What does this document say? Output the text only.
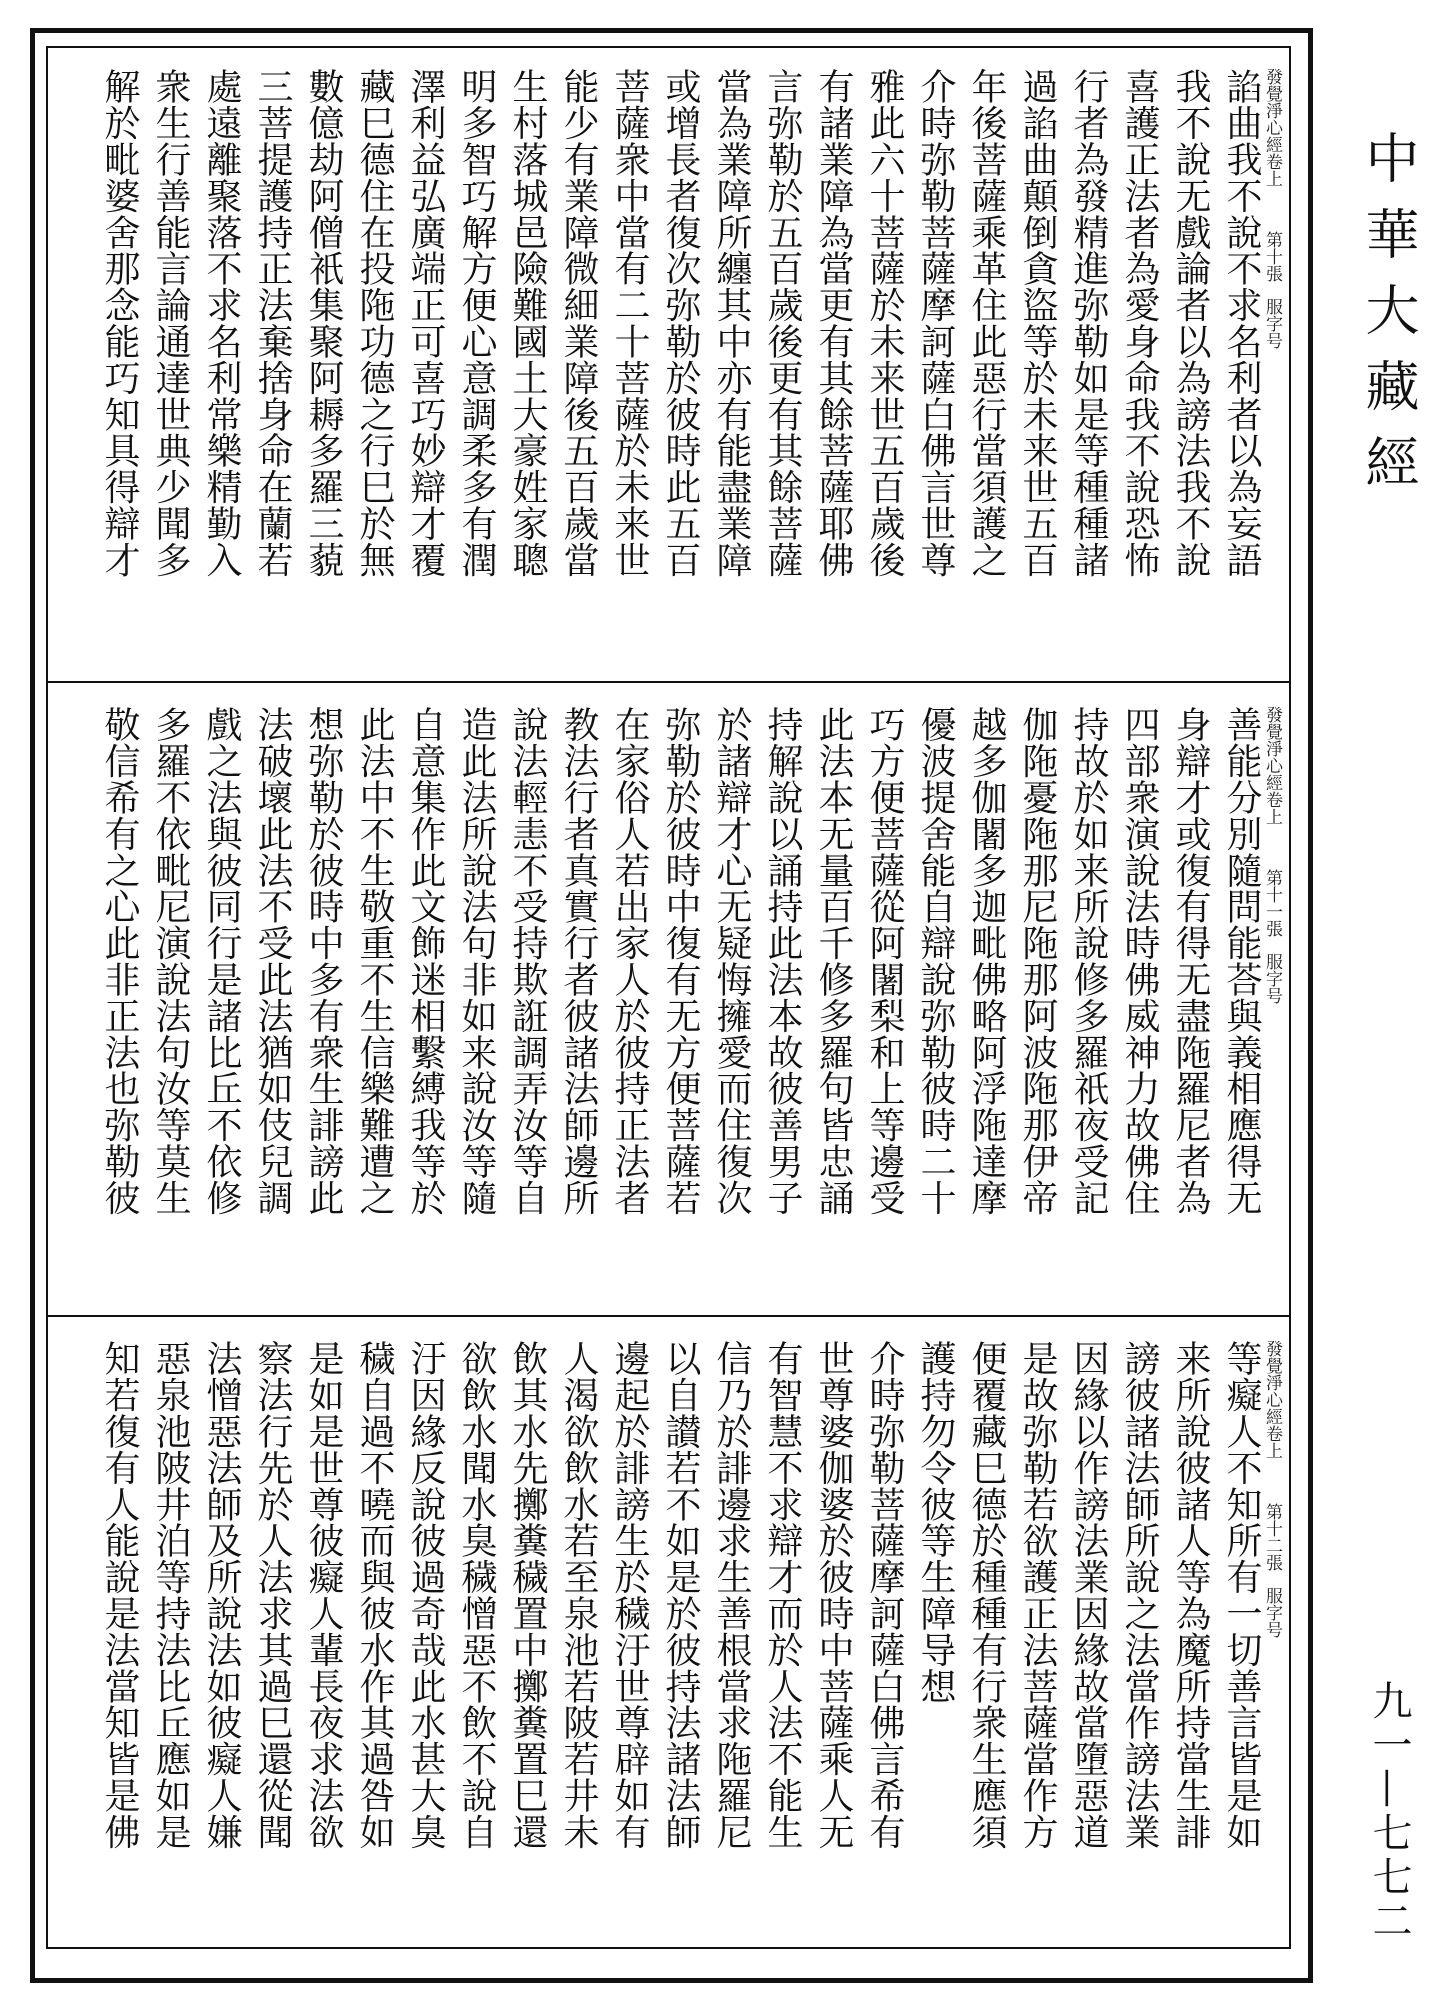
中華大藏經
九一—七七二
發覺淨心經卷上第十張服字号
諂曲我不說不求名利者以為妄語
我不說无戲論者以為謗法我不說
喜護正法者為愛身命我不說恐怖
行者為發精進弥勒如是等種種諸
過諂曲顛倒貪盜等於未来世五百
年後菩薩乘革住此惡行當須護之
介時弥勒菩薩摩訶薩白佛言世尊
雅此六十菩薩於未来世五百歲後
有諸業障為當更有其餘菩薩耶佛
言弥勒於五百歲後更有其餘菩薩
當為業障所纏其中亦有能盡業障
或增長者復次弥勒於彼時此五百
菩薩衆中當有二十菩薩於未来世
能少有業障微細業障後五百歲當
生村落城邑險難國土大豪姓家聰
明多智巧解方便心意調柔多有潤
澤利益弘廣端正可喜巧妙辯才覆
藏巳德住在投陁功德之行巳於無
數億劫阿僧衹集聚阿耨多羅三藐
三菩提護持正法棄捨身命在蘭若
處遠離聚落不求名利常樂精勤入
衆生行善能言論通達世典少聞多
解於毗婆舍那念能巧知具得辯才
發覺淨心經卷上第十一張服字号
善能分別隨問能荅與義相應得无
身辯才或復有得无盡陁羅尼者為
四部衆演說法時佛威神力故佛住
持故於如来所說修多羅祇夜受記
伽陁憂陁那尼陁那阿波陁那伊帝
越多伽闍多迦毗佛略阿浮陁達摩
優波提舍能自辯說弥勒彼時二十
巧方便菩薩從阿闍梨和上等邊受
此法本无量百千修多羅句皆忠誦
持解說以誦持此法本故彼善男子
於諸辯才心无疑悔擁愛而住復次
弥勒於彼時中復有无方便菩薩若
在家俗人若出家人於彼持正法者
教法行者真實行者彼諸法師邊所
說法輕恚不受持欺誑調弄汝等自
造此法所說法句非如来說汝等隨
自意集作此文飾迷相繫縛我等於
此法中不生敬重不生信樂難遭之
想弥勒於彼時中多有衆生誹謗此
法破壞此法不受此法猶如伎兒調
戲之法與彼同行是諸比丘不依修
多羅不依毗尼演說法句汝等莫生
敬信希有之心此非正法也弥勒彼
發覺淨心經卷上第十二張服字号
等癡人不知所有一切善言皆是如
来所說彼諸人等為魔所持當生誹
謗彼諸法師所說之法當作謗法業
因緣以作謗法業因緣故當墮惡道
是故弥勒若欲護正法菩薩當作方
便覆藏巳德於種種有行衆生應須
護持勿令彼等生障导想
介時弥勒菩薩摩訶薩白佛言希有
世尊婆伽婆於彼時中菩薩乘人无
有智慧不求辯才而於人法不能生
信乃於誹邊求生善根當求陁羅尼
以自讃若不如是於彼持法諸法師
邊起於誹謗生於穢汙世尊辟如有
人渴欲飲水若至泉池若陂若井未
飲其水先擲糞穢置中擲糞置巳還
欲飲水聞水臭穢憎惡不飲不說自
汙因緣反說彼過奇哉此水甚大臭
穢自過不曉而與彼水作其過咎如
是如是世尊彼癡人輩長夜求法欲
察法行先於人法求其過巳還從聞
法憎惡法師及所說法如彼癡人嫌
惡泉池陂井泊等持法比丘應如是
知若復有人能說是法當知皆是佛
